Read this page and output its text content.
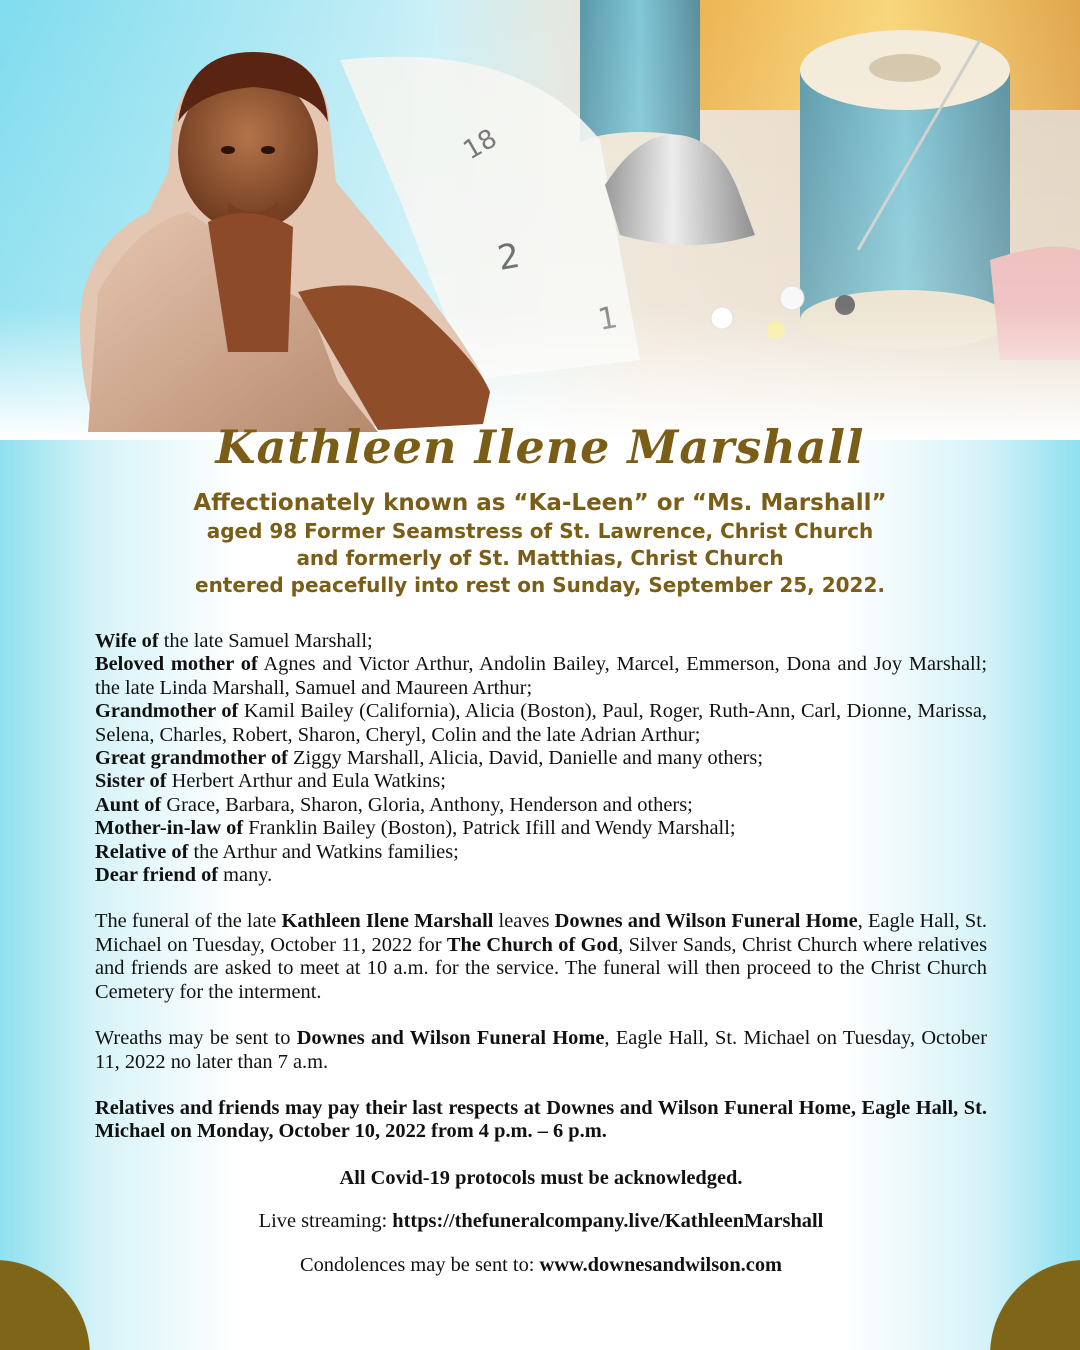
Kathleen Ilene Marshall
Affectionately known as “Ka-Leen” or “Ms. Marshall”
aged 98 Former Seamstress of St. Lawrence, Christ Church
and formerly of St. Matthias, Christ Church
entered peacefully into rest on Sunday, September 25, 2022.
Wife of the late Samuel Marshall;
Beloved mother of Agnes and Victor Arthur, Andolin Bailey, Marcel, Emmerson, Dona and Joy Marshall; the late Linda Marshall, Samuel and Maureen Arthur;
Grandmother of Kamil Bailey (California), Alicia (Boston), Paul, Roger, Ruth-Ann, Carl, Dionne, Marissa, Selena, Charles, Robert, Sharon, Cheryl, Colin and the late Adrian Arthur;
Great grandmother of Ziggy Marshall, Alicia, David, Danielle and many others;
Sister of Herbert Arthur and Eula Watkins;
Aunt of Grace, Barbara, Sharon, Gloria, Anthony, Henderson and others;
Mother-in-law of Franklin Bailey (Boston), Patrick Ifill and Wendy Marshall;
Relative of the Arthur and Watkins families;
Dear friend of many.
The funeral of the late Kathleen Ilene Marshall leaves Downes and Wilson Funeral Home, Eagle Hall, St. Michael on Tuesday, October 11, 2022 for The Church of God, Silver Sands, Christ Church where relatives and friends are asked to meet at 10 a.m. for the service. The funeral will then proceed to the Christ Church Cemetery for the interment.
Wreaths may be sent to Downes and Wilson Funeral Home, Eagle Hall, St. Michael on Tuesday, October 11, 2022 no later than 7 a.m.
Relatives and friends may pay their last respects at Downes and Wilson Funeral Home, Eagle Hall, St. Michael on Monday, October 10, 2022 from 4 p.m. – 6 p.m.
All Covid-19 protocols must be acknowledged.
Live streaming: https://thefuneralcompany.live/KathleenMarshall
Condolences may be sent to: www.downesandwilson.com
